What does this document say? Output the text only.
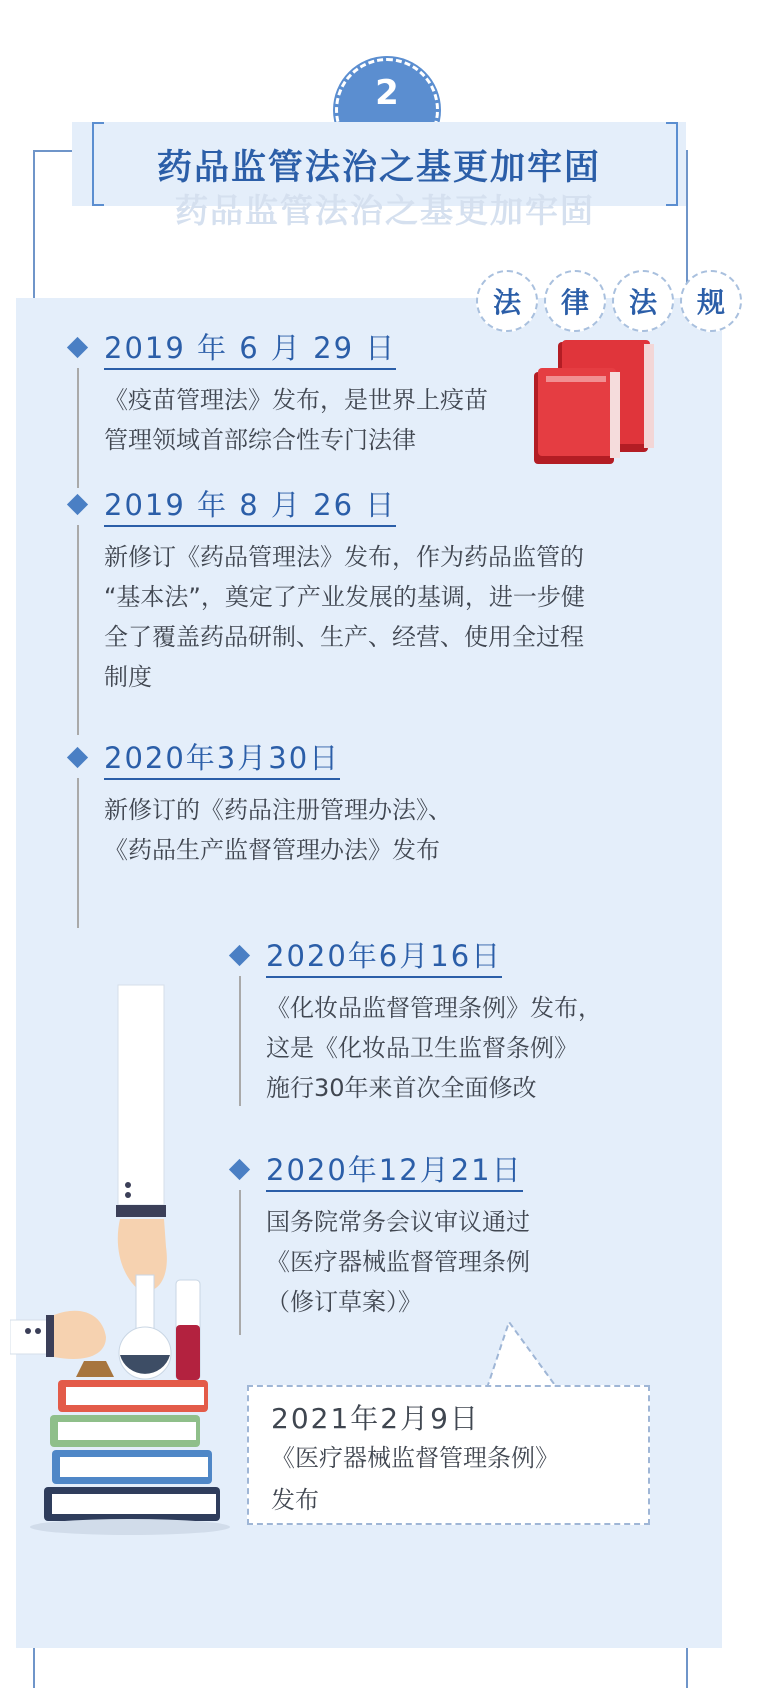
2
药品监管法治之基更加牢固
药品监管法治之基更加牢固
法	律	法	规
2019 年 6 月 29 日
《疫苗管理法》发布，是世界上疫苗
管理领域首部综合性专门法律
2019 年 8 月 26 日
新修订《药品管理法》发布，作为药品监管的
“基本法”，奠定了产业发展的基调，进一步健
全了覆盖药品研制、生产、经营、使用全过程
制度
2020年3月30日
新修订的《药品注册管理办法》、
《药品生产监督管理办法》发布
2020年6月16日
《化妆品监督管理条例》发布，
这是《化妆品卫生监督条例》
施行30年来首次全面修改
2020年12月21日
国务院常务会议审议通过
《医疗器械监督管理条例
（修订草案）》
2021年2月9日
《医疗器械监督管理条例》
发布
